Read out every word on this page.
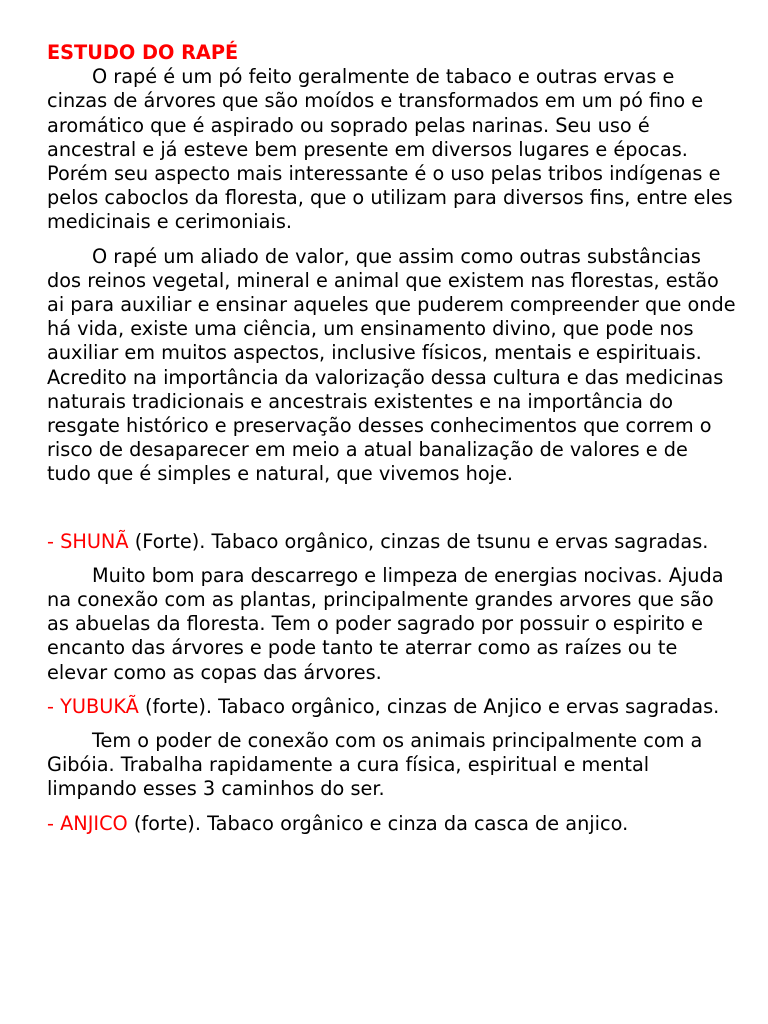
ESTUDO DO RAPÉ

O rapé é um pó feito geralmente de tabaco e outras ervas e cinzas de árvores que são moídos e transformados em um pó fino e aromático que é aspirado ou soprado pelas narinas. Seu uso é ancestral e já esteve bem presente em diversos lugares e épocas. Porém seu aspecto mais interessante é o uso pelas tribos indígenas e pelos caboclos da floresta, que o utilizam para diversos fins, entre eles medicinais e cerimoniais.

O rapé um aliado de valor, que assim como outras substâncias dos reinos vegetal, mineral e animal que existem nas florestas, estão ai para auxiliar e ensinar aqueles que puderem compreender que onde há vida, existe uma ciência, um ensinamento divino, que pode nos auxiliar em muitos aspectos, inclusive físicos, mentais e espirituais.

Acredito na importância da valorização dessa cultura e das medicinas naturais tradicionais e ancestrais existentes e na importância do resgate histórico e preservação desses conhecimentos que correm o risco de desaparecer em meio a atual banalização de valores e de tudo que é simples e natural, que vivemos hoje.

- SHUNÃ (Forte). Tabaco orgânico, cinzas de tsunu e ervas sagradas.

Muito bom para descarrego e limpeza de energias nocivas. Ajuda na conexão com as plantas, principalmente grandes arvores que são as abuelas da floresta. Tem o poder sagrado por possuir o espirito e encanto das árvores e pode tanto te aterrar como as raízes ou te elevar como as copas das árvores.

- YUBUKÃ (forte). Tabaco orgânico, cinzas de Anjico e ervas sagradas.

Tem o poder de conexão com os animais principalmente com a Gibóia. Trabalha rapidamente a cura física, espiritual e mental limpando esses 3 caminhos do ser.

- ANJICO (forte). Tabaco orgânico e cinza da casca de anjico.
